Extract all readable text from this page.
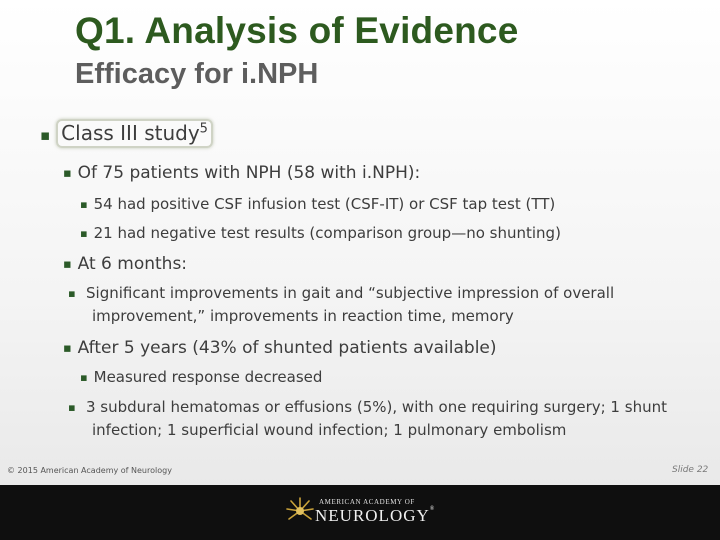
Q1. Analysis of Evidence
Efficacy for i.NPH
▪ Class III study$^5$
▪ Of 75 patients with NPH (58 with i.NPH):
▪ 54 had positive CSF infusion test (CSF-IT) or CSF tap test (TT)
▪ 21 had negative test results (comparison group—no shunting)
▪ At 6 months:
▪ Significant improvements in gait and “subjective impression of overall improvement,” improvements in reaction time, memory
▪ After 5 years (43% of shunted patients available)
▪ Measured response decreased
▪ 3 subdural hematomas or effusions (5%), with one requiring surgery; 1 shunt infection; 1 superficial wound infection; 1 pulmonary embolism
© 2015 American Academy of Neurology	Slide 22
AMERICAN ACADEMY OF
NEUROLOGY®
